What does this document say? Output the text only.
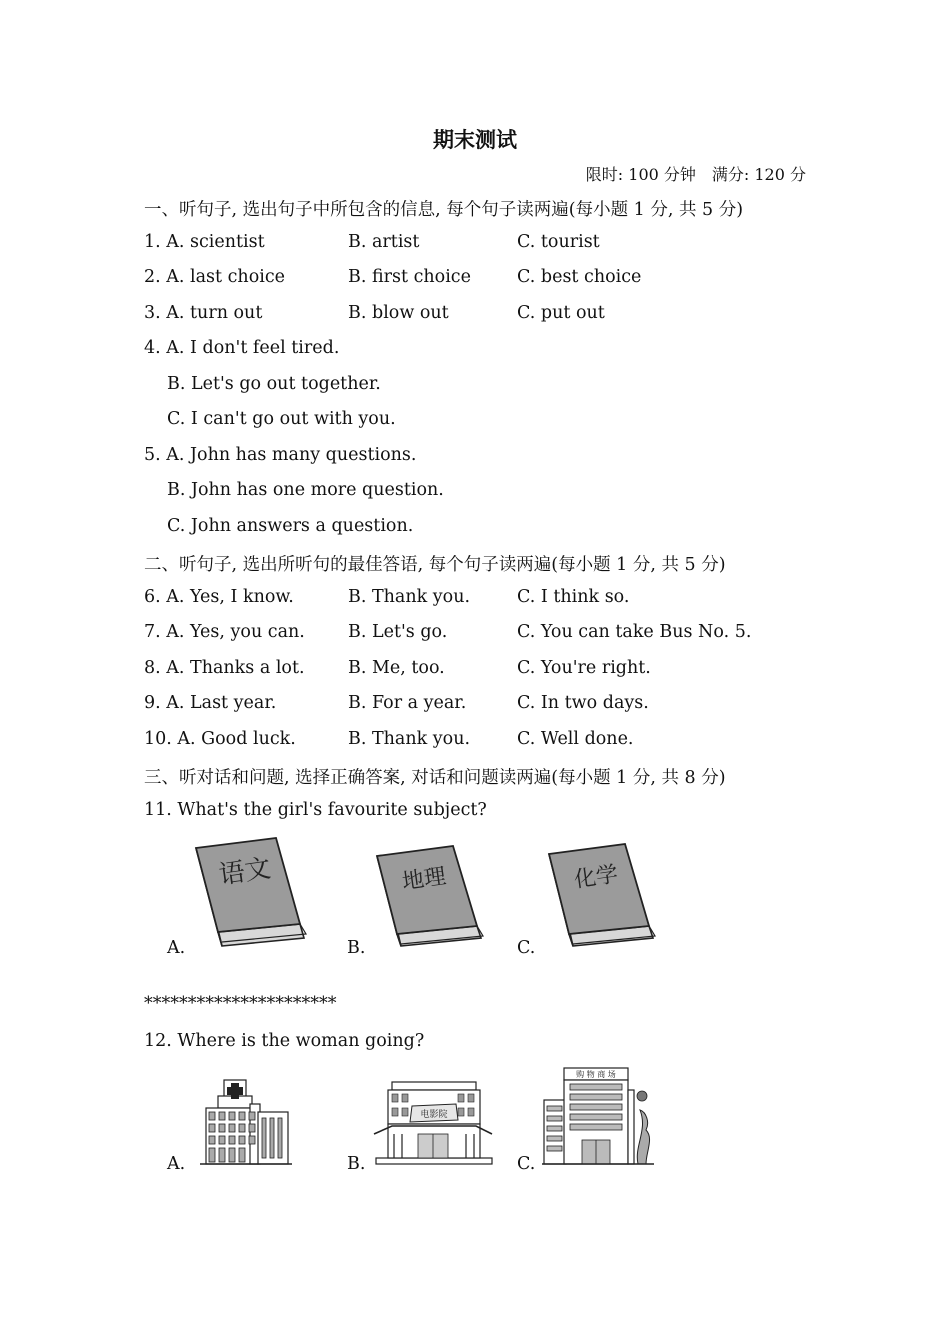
期末测试
限时: 100 分钟 满分: 120 分
一、听句子, 选出句子中所包含的信息, 每个句子读两遍(每小题 1 分, 共 5 分)
1. A. scientist	B. artist	C. tourist
2. A. last choice	B. first choice	C. best choice
3. A. turn out	B. blow out	C. put out
4. A. I don't feel tired.
B. Let's go out together.
C. I can't go out with you.
5. A. John has many questions.
B. John has one more question.
C. John answers a question.
二、听句子, 选出所听句的最佳答语, 每个句子读两遍(每小题 1 分, 共 5 分)
6. A. Yes, I know.	B. Thank you.	C. I think so.
7. A. Yes, you can. B. Let's go.	C. You can take Bus No. 5.
8. A. Thanks a lot. B. Me, too.	C. You're right.
9. A. Last year.	B. For a year.	C. In two days.
10. A. Good luck.	B. Thank you.	C. Well done.
三、听对话和问题, 选择正确答案, 对话和问题读两遍(每小题 1 分, 共 8 分)
11. What's the girl's favourite subject?
A.	B.	C.
语文	地理	化学
**********************
12. Where is the woman going?
A.	B.	C.
电影院
购 物 商 场
